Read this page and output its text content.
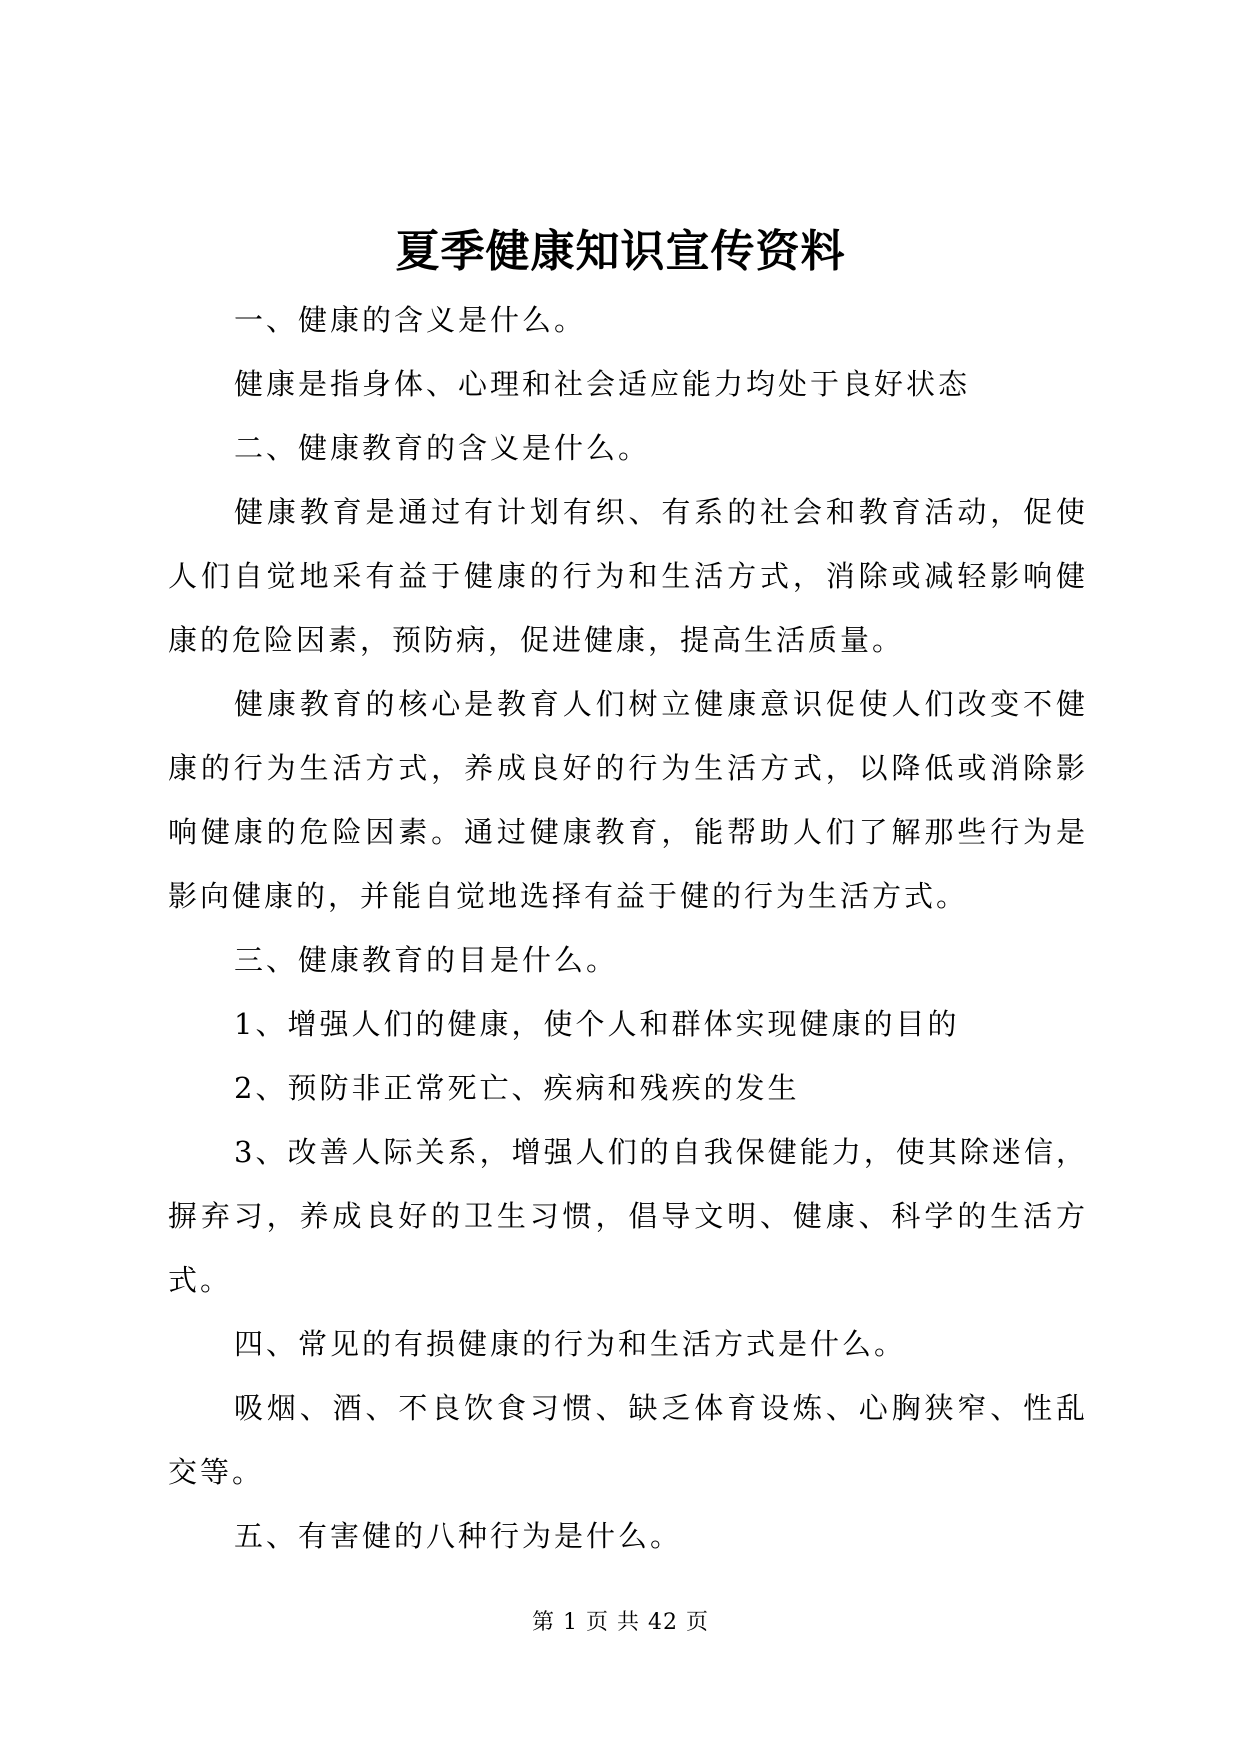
夏季健康知识宣传资料

一、健康的含义是什么。

健康是指身体、心理和社会适应能力均处于良好状态

二、健康教育的含义是什么。

健康教育是通过有计划有织、有系的社会和教育活动，促使人们自觉地采有益于健康的行为和生活方式，消除或减轻影响健康的危险因素，预防病，促进健康，提高生活质量。

健康教育的核心是教育人们树立健康意识促使人们改变不健康的行为生活方式，养成良好的行为生活方式，以降低或消除影响健康的危险因素。通过健康教育，能帮助人们了解那些行为是影向健康的，并能自觉地选择有益于健的行为生活方式。

三、健康教育的目是什么。

1、增强人们的健康，使个人和群体实现健康的目的

2、预防非正常死亡、疾病和残疾的发生

3、改善人际关系，增强人们的自我保健能力，使其除迷信，摒弃习，养成良好的卫生习惯，倡导文明、健康、科学的生活方式。

四、常见的有损健康的行为和生活方式是什么。

吸烟、酒、不良饮食习惯、缺乏体育设炼、心胸狭窄、性乱交等。

五、有害健的八种行为是什么。

第 1 页 共 42 页
